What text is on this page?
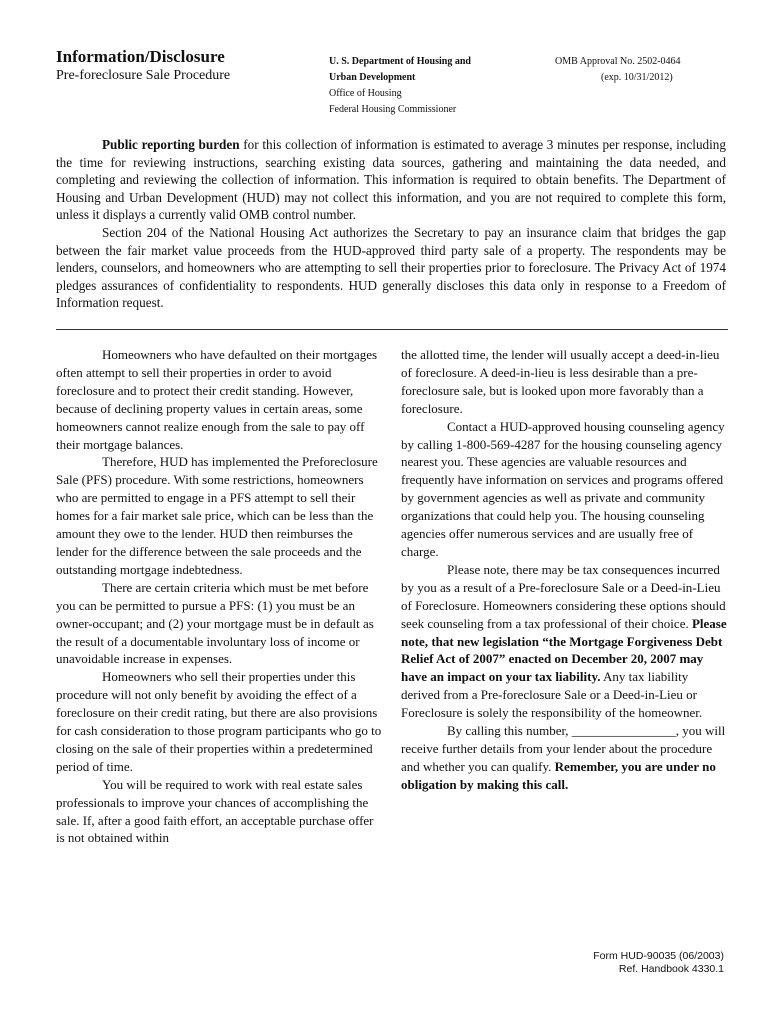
Information/Disclosure
Pre-foreclosure Sale Procedure
U. S. Department of Housing and
Urban Development
Office of Housing
Federal Housing Commissioner
OMB Approval No. 2502-0464
(exp. 10/31/2012)

Public reporting burden for this collection of information is estimated to average 3 minutes per response, including the time for reviewing instructions, searching existing data sources, gathering and maintaining the data needed, and completing and reviewing the collection of information. This information is required to obtain benefits. The Department of Housing and Urban Development (HUD) may not collect this information, and you are not required to complete this form, unless it displays a currently valid OMB control number.

Section 204 of the National Housing Act authorizes the Secretary to pay an insurance claim that bridges the gap between the fair market value proceeds from the HUD-approved third party sale of a property. The respondents may be lenders, counselors, and homeowners who are attempting to sell their properties prior to foreclosure. The Privacy Act of 1974 pledges assurances of confidentiality to respondents. HUD generally discloses this data only in response to a Freedom of Information request.

Homeowners who have defaulted on their mortgages often attempt to sell their properties in order to avoid foreclosure and to protect their credit standing. However, because of declining property values in certain areas, some homeowners cannot realize enough from the sale to pay off their mortgage balances.

Therefore, HUD has implemented the Preforeclosure Sale (PFS) procedure. With some restrictions, homeowners who are permitted to engage in a PFS attempt to sell their homes for a fair market sale price, which can be less than the amount they owe to the lender. HUD then reimburses the lender for the difference between the sale proceeds and the outstanding mortgage indebtedness.

There are certain criteria which must be met before you can be permitted to pursue a PFS: (1) you must be an owner-occupant; and (2) your mortgage must be in default as the result of a documentable involuntary loss of income or unavoidable increase in expenses.

Homeowners who sell their properties under this procedure will not only benefit by avoiding the effect of a foreclosure on their credit rating, but there are also provisions for cash consideration to those program participants who go to closing on the sale of their properties within a predetermined period of time.

You will be required to work with real estate sales professionals to improve your chances of accomplishing the sale. If, after a good faith effort, an acceptable purchase offer is not obtained within

the allotted time, the lender will usually accept a deed-in-lieu of foreclosure. A deed-in-lieu is less desirable than a pre-foreclosure sale, but is looked upon more favorably than a foreclosure.

Contact a HUD-approved housing counseling agency by calling 1-800-569-4287 for the housing counseling agency nearest you. These agencies are valuable resources and frequently have information on services and programs offered by government agencies as well as private and community organizations that could help you. The housing counseling agencies offer numerous services and are usually free of charge.

Please note, there may be tax consequences incurred by you as a result of a Pre-foreclosure Sale or a Deed-in-Lieu of Foreclosure. Homeowners considering these options should seek counseling from a tax professional of their choice. Please note, that new legislation “the Mortgage Forgiveness Debt Relief Act of 2007” enacted on December 20, 2007 may have an impact on your tax liability. Any tax liability derived from a Pre-foreclosure Sale or a Deed-in-Lieu or Foreclosure is solely the responsibility of the homeowner.

By calling this number, ________________, you will receive further details from your lender about the procedure and whether you can qualify. Remember, you are under no obligation by making this call.

Form HUD-90035 (06/2003)
Ref. Handbook 4330.1
